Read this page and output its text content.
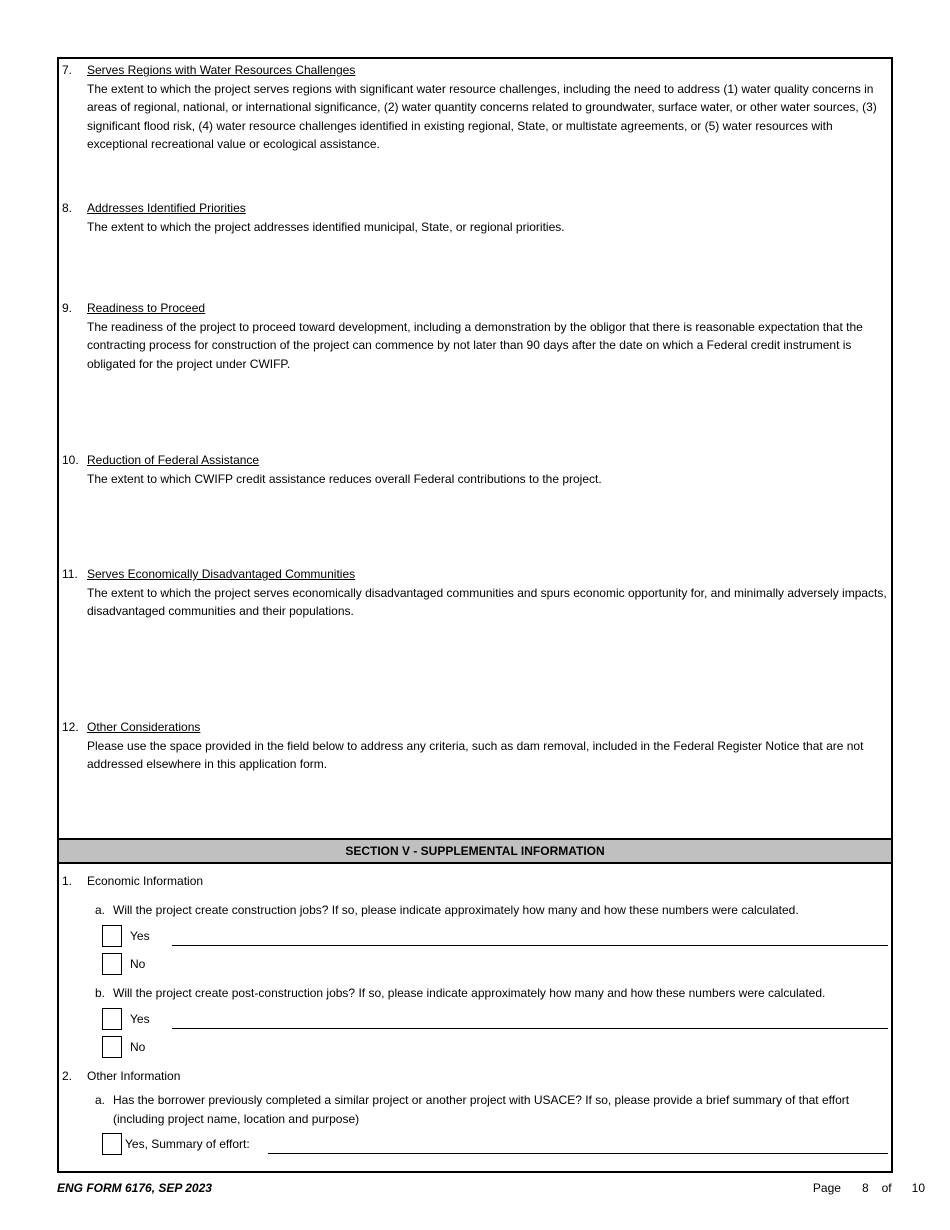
7.	Serves Regions with Water Resources Challenges
The extent to which the project serves regions with significant water resource challenges, including the need to address (1) water quality concerns in areas of regional, national, or international significance, (2) water quantity concerns related to groundwater, surface water, or other water sources, (3) significant flood risk, (4) water resource challenges identified in existing regional, State, or multistate agreements, or (5) water resources with exceptional recreational value or ecological assistance.
8.	Addresses Identified Priorities
The extent to which the project addresses identified municipal, State, or regional priorities.
9.	Readiness to Proceed
The readiness of the project to proceed toward development, including a demonstration by the obligor that there is reasonable expectation that the contracting process for construction of the project can commence by not later than 90 days after the date on which a Federal credit instrument is obligated for the project under CWIFP.
10. Reduction of Federal Assistance
The extent to which CWIFP credit assistance reduces overall Federal contributions to the project.
11. Serves Economically Disadvantaged Communities
The extent to which the project serves economically disadvantaged communities and spurs economic opportunity for, and minimally adversely impacts, disadvantaged communities and their populations.
12. Other Considerations
Please use the space provided in the field below to address any criteria, such as dam removal, included in the Federal Register Notice that are not addressed elsewhere in this application form.
SECTION V - SUPPLEMENTAL INFORMATION
1.	Economic Information
a. Will the project create construction jobs? If so, please indicate approximately how many and how these numbers were calculated.
Yes
No
b. Will the project create post-construction jobs? If so, please indicate approximately how many and how these numbers were calculated.
Yes
No
2.	Other Information
a. Has the borrower previously completed a similar project or another project with USACE? If so, please provide a brief summary of that effort (including project name, location and purpose)
Yes, Summary of effort:
ENG FORM 6176, SEP 2023	Page 8 of 10
